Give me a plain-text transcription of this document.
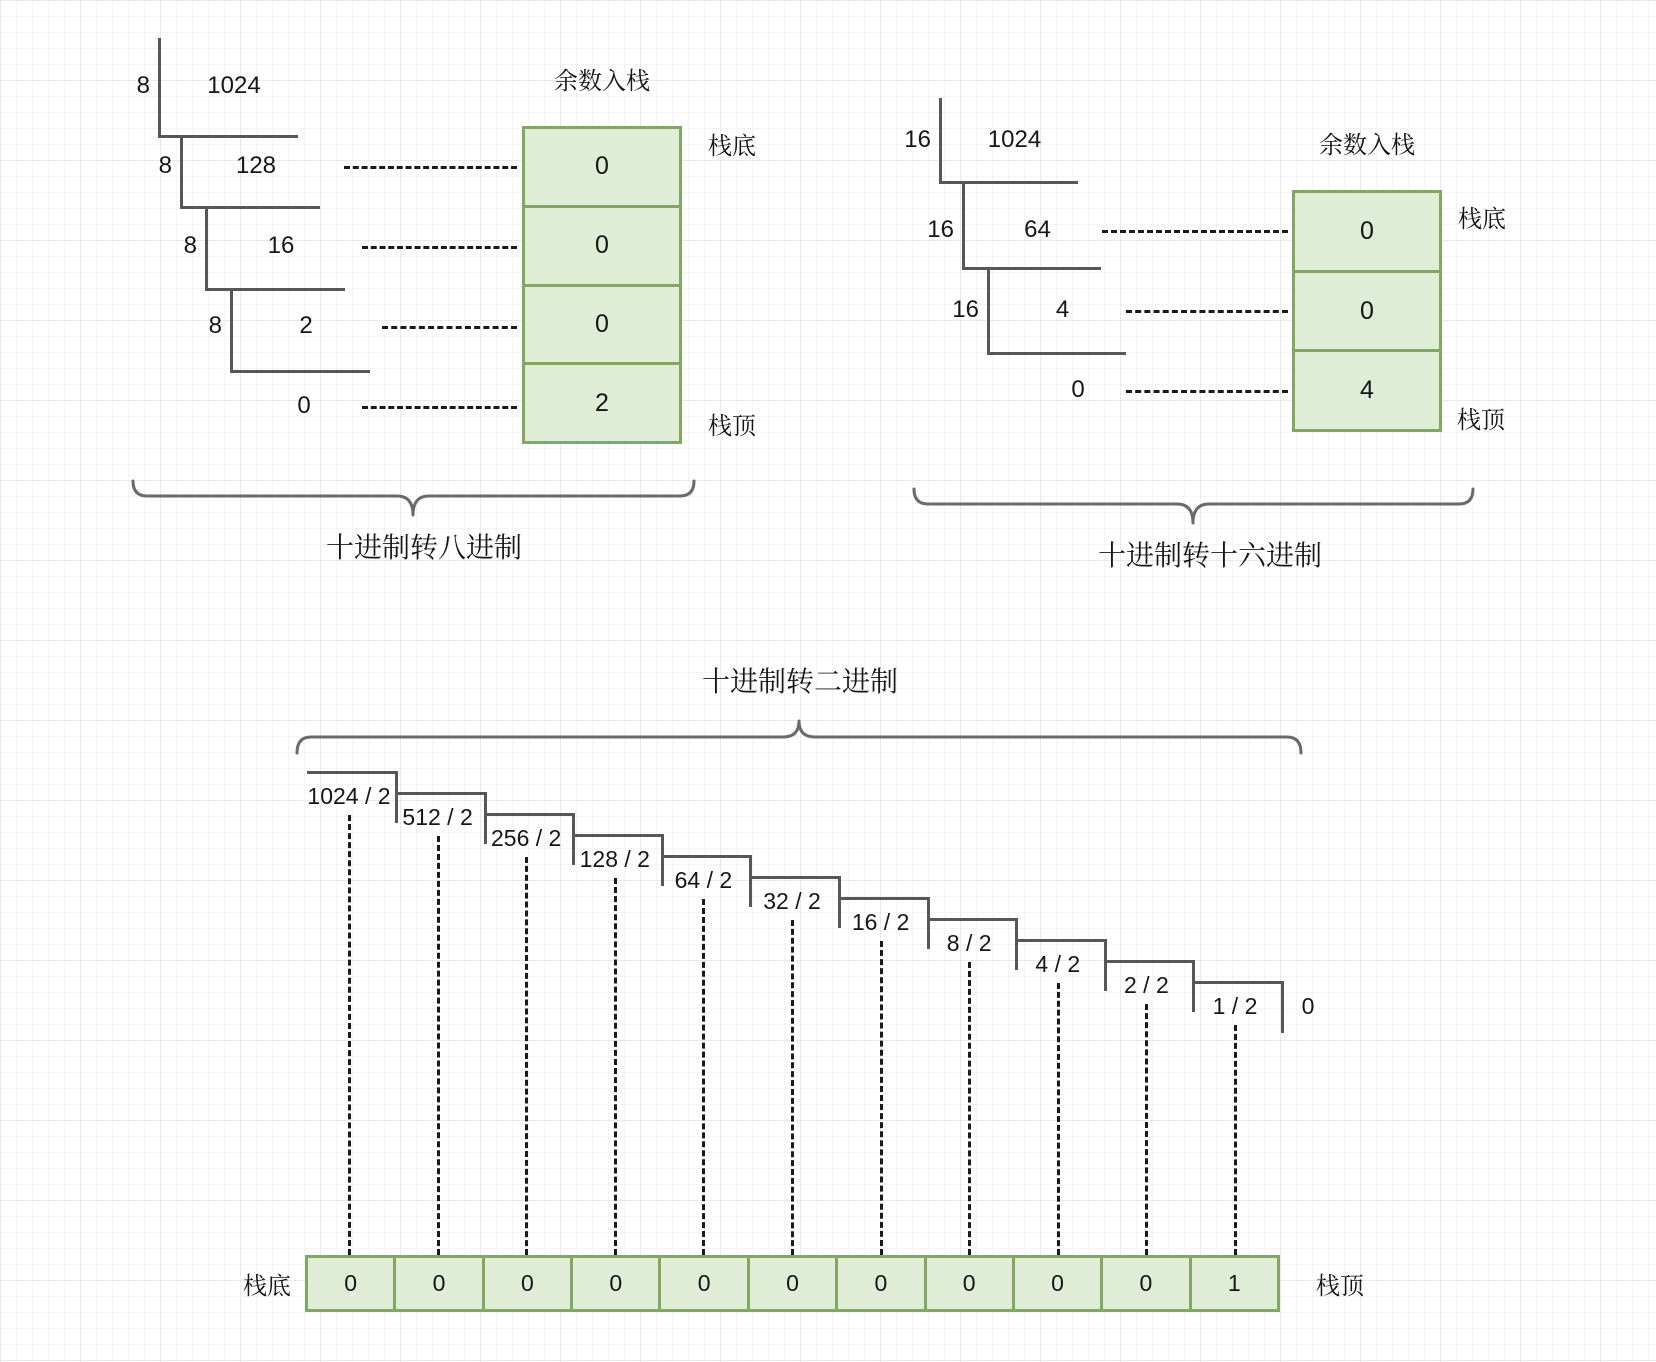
余数入栈
栈底
栈顶
十进制转八进制
0
余数入栈
栈底
栈顶
十进制转十六进制
0
十进制转二进制
0
栈底	栈顶
0
0
0
2
0
0
4
0	0	0	0	0	0	0	0	0	0	1
8	1024
8	128
8	16
8	2
16	1024
16	64
16	4
1024 / 2
512 / 2
256 / 2
128 / 2
64 / 2
32 / 2
16 / 2
8 / 2
4 / 2
2 / 2
1 / 2
